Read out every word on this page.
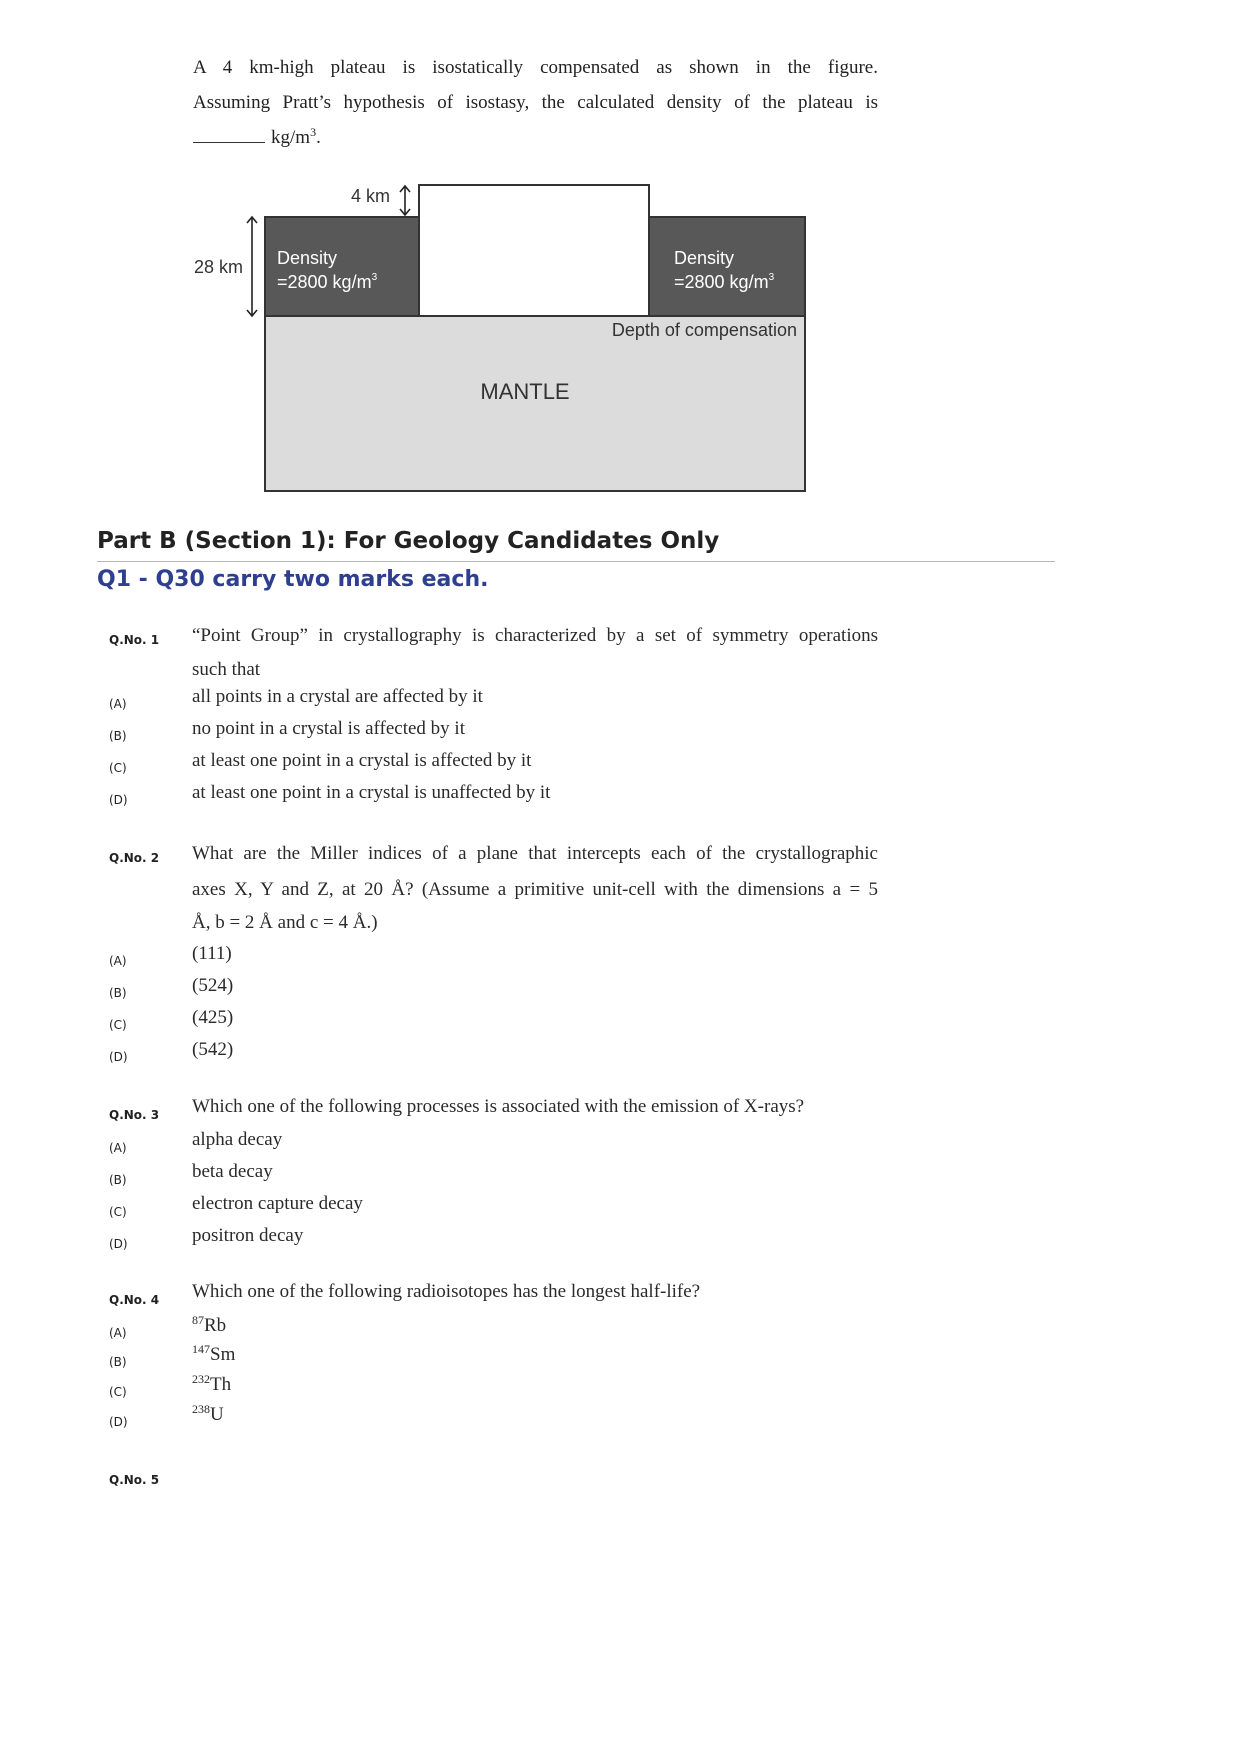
A 4 km-high plateau is isostatically compensated as shown in the figure.

Assuming Pratt’s hypothesis of isostasy, the calculated density of the plateau is

$kg/m^3$.

4 km
28 km Density
=2800 $kg/m^3$
Density
=2800 $kg/m^3$
Depth of compensation
MANTLE
Part B (Section 1): For Geology Candidates Only
Q1 - Q30 carry two marks each.
Q.No. 1 “Point Group” in crystallography is characterized by a set of symmetry operations

such that
(A)	all points in a crystal are affected by it
(B)	no point in a crystal is affected by it
(C)	at least one point in a crystal is affected by it
(D)	at least one point in a crystal is unaffected by it
Q.No. 2 What are the Miller indices of a plane that intercepts each of the crystallographic

axes X, Y and Z, at 20 Å? (Assume a primitive unit-cell with the dimensions a = 5

Å, b = 2 Å and c = 4 Å.)
(A)	(111)
(B)	(524)
(C)	(425)
(D)	(542)
Q.No. 3 Which one of the following processes is associated with the emission of X-rays?
(A)	alpha decay
(B)	beta decay
(C)	electron capture decay
(D)	positron decay
Q.No. 4 Which one of the following radioisotopes has the longest half-life?
(A)
$^{87}$Rb
(B)
$^{147}$Sm
(C)
$^{232}$Th
(D)
$^{238}$U
Q.No. 5
